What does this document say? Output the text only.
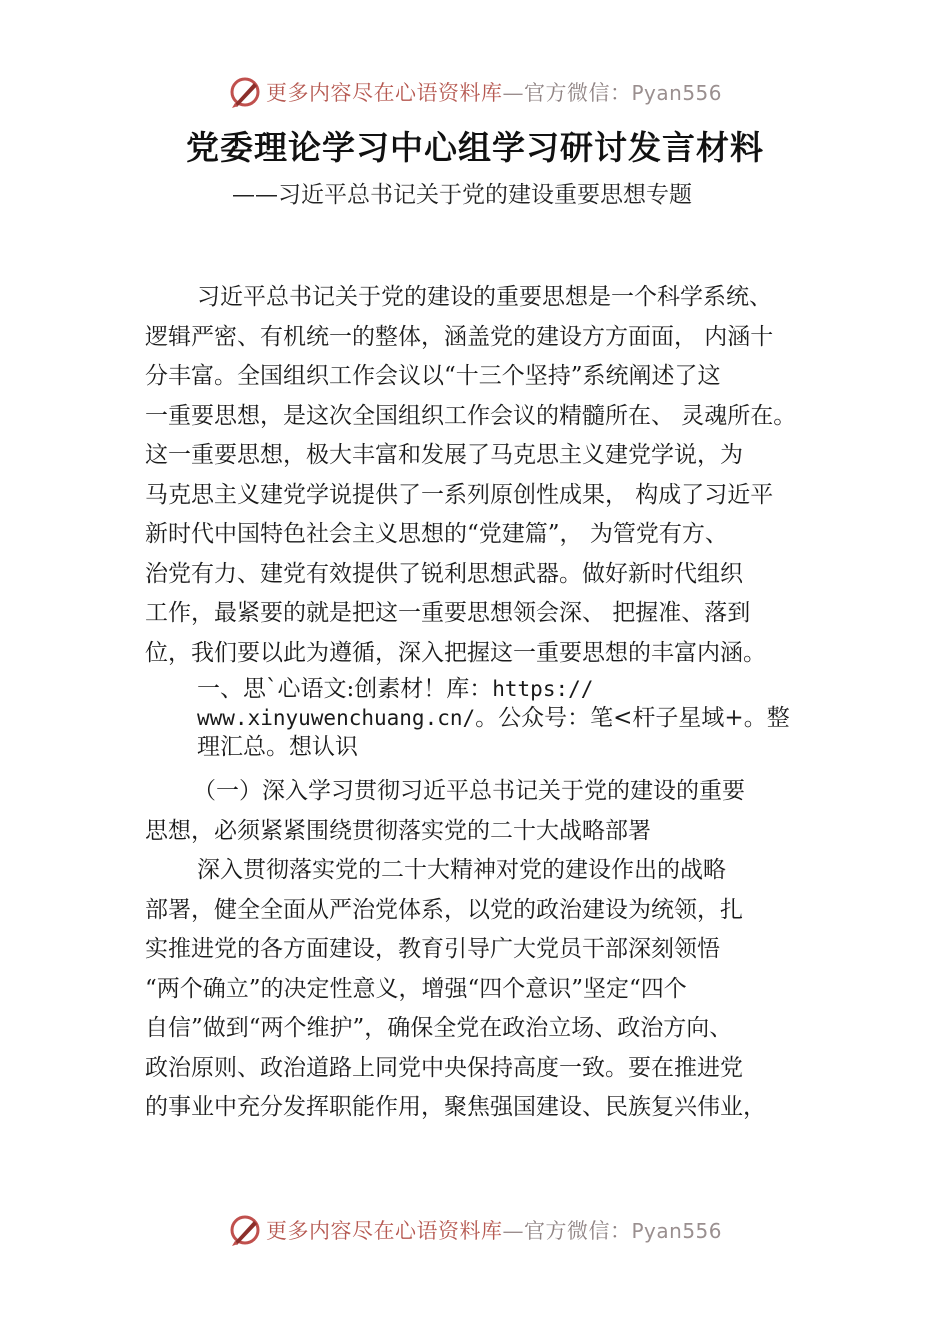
更多内容尽在心语资料库—官方微信：Pyan556
党委理论学习中心组学习研讨发言材料

——习近平总书记关于党的建设重要思想专题

习近平总书记关于党的建设的重要思想是一个科学系统、
逻辑严密、有机统一的整体，涵盖党的建设方方面面， 内涵十
分丰富。全国组织工作会议以“十三个坚持”系统阐述了这
一重要思想，是这次全国组织工作会议的精髓所在、 灵魂所在。
这一重要思想，极大丰富和发展了马克思主义建党学说，为
马克思主义建党学说提供了一系列原创性成果， 构成了习近平
新时代中国特色社会主义思想的“党建篇”， 为管党有方、
治党有力、建党有效提供了锐利思想武器。做好新时代组织
工作，最紧要的就是把这一重要思想领会深、 把握准、落到
位，我们要以此为遵循，深入把握这一重要思想的丰富内涵。
一、思`心语文:创素材！库：https://
www.xinyuwenchuang.cn/。公众号：笔<杆子星域+。整
理汇总。想认识
（一）深入学习贯彻习近平总书记关于党的建设的重要
思想，必须紧紧围绕贯彻落实党的二十大战略部署
深入贯彻落实党的二十大精神对党的建设作出的战略
部署，健全全面从严治党体系，以党的政治建设为统领，扎
实推进党的各方面建设，教育引导广大党员干部深刻领悟
“两个确立”的决定性意义，增强“四个意识”坚定“四个
自信”做到“两个维护”，确保全党在政治立场、政治方向、
政治原则、政治道路上同党中央保持高度一致。要在推进党
的事业中充分发挥职能作用，聚焦强国建设、民族复兴伟业，
更多内容尽在心语资料库—官方微信：Pyan556
